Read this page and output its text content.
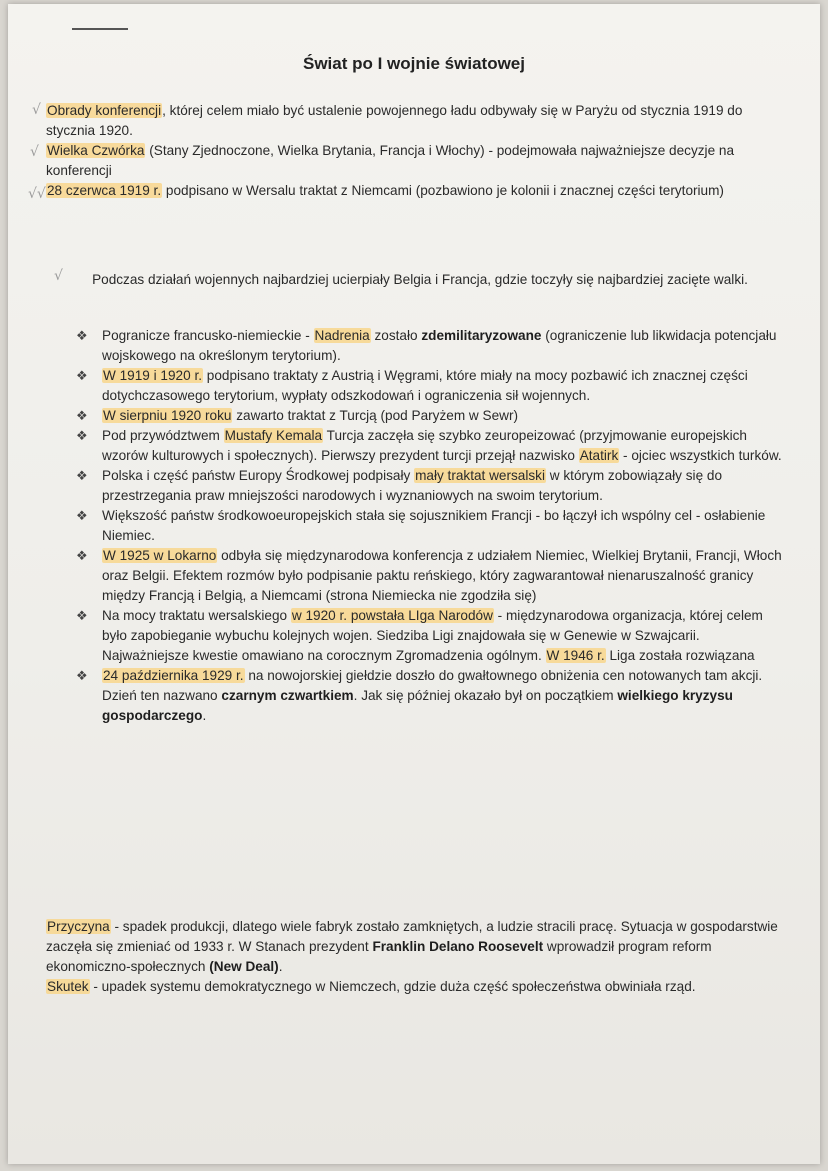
Świat po I wojnie światowej
√
√
√√
√

Obrady konferencji, której celem miało być ustalenie powojennego ładu odbywały się w Paryżu od stycznia 1919 do stycznia 1920.

Wielka Czwórka (Stany Zjednoczone, Wielka Brytania, Francja i Włochy) - podejmowała najważniejsze decyzje na konferencji

28 czerwca 1919 r. podpisano w Wersalu traktat z Niemcami (pozbawiono je kolonii i znacznej części terytorium)

Podczas działań wojennych najbardziej ucierpiały Belgia i Francja, gdzie toczyły się najbardziej zacięte walki.
❖ Pogranicze francusko-niemieckie - Nadrenia zostało zdemilitaryzowane (ograniczenie lub likwidacja potencjału wojskowego na określonym terytorium).
❖ W 1919 i 1920 r. podpisano traktaty z Austrią i Węgrami, które miały na mocy pozbawić ich znacznej części dotychczasowego terytorium, wypłaty odszkodowań i ograniczenia sił wojennych.
❖ W sierpniu 1920 roku zawarto traktat z Turcją (pod Paryżem w Sewr)
❖ Pod przywództwem Mustafy Kemala Turcja zaczęła się szybko zeuropeizować (przyjmowanie europejskich wzorów kulturowych i społecznych). Pierwszy prezydent turcji przejął nazwisko Atatirk - ojciec wszystkich turków.
❖ Polska i część państw Europy Środkowej podpisały mały traktat wersalski w którym zobowiązały się do przestrzegania praw mniejszości narodowych i wyznaniowych na swoim terytorium.
❖ Większość państw środkowoeuropejskich stała się sojusznikiem Francji - bo łączył ich wspólny cel - osłabienie Niemiec.
❖ W 1925 w Lokarno odbyła się międzynarodowa konferencja z udziałem Niemiec, Wielkiej Brytanii, Francji, Włoch oraz Belgii. Efektem rozmów było podpisanie paktu reńskiego, który zagwarantował nienaruszalność granicy między Francją i Belgią, a Niemcami (strona Niemiecka nie zgodziła się)
❖ Na mocy traktatu wersalskiego w 1920 r. powstała LIga Narodów - międzynarodowa organizacja, której celem było zapobieganie wybuchu kolejnych wojen. Siedziba Ligi znajdowała się w Genewie w Szwajcarii. Najważniejsze kwestie omawiano na corocznym Zgromadzenia ogólnym. W 1946 r. Liga została rozwiązana
❖ 24 października 1929 r. na nowojorskiej giełdzie doszło do gwałtownego obniżenia cen notowanych tam akcji. Dzień ten nazwano czarnym czwartkiem. Jak się później okazało był on początkiem wielkiego kryzysu gospodarczego.

Przyczyna - spadek produkcji, dlatego wiele fabryk zostało zamkniętych, a ludzie stracili pracę. Sytuacja w gospodarstwie zaczęła się zmieniać od 1933 r. W Stanach prezydent Franklin Delano Roosevelt wprowadził program reform ekonomiczno-społecznych (New Deal).

Skutek - upadek systemu demokratycznego w Niemczech, gdzie duża część społeczeństwa obwiniała rząd.
